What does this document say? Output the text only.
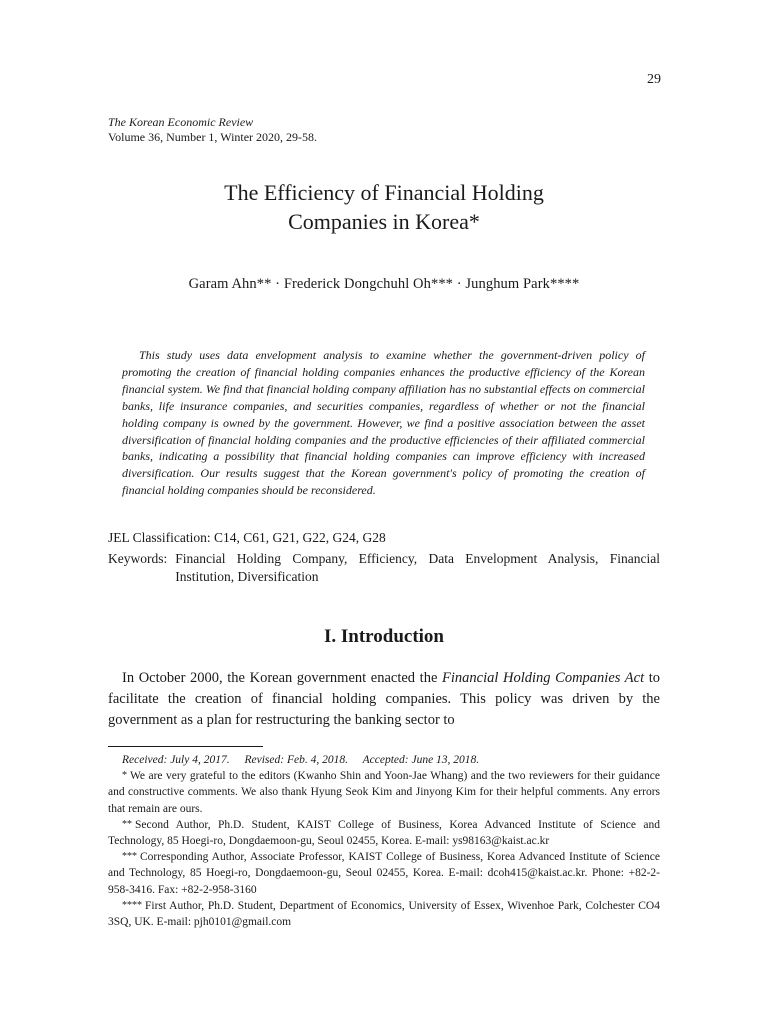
29
The Korean Economic Review
Volume 36, Number 1, Winter 2020, 29-58.
The Efficiency of Financial Holding
Companies in Korea*
Garam Ahn** · Frederick Dongchuhl Oh*** · Junghum Park****
This study uses data envelopment analysis to examine whether the government-driven policy of promoting the creation of financial holding companies enhances the productive efficiency of the Korean financial system. We find that financial holding company affiliation has no substantial effects on commercial banks, life insurance companies, and securities companies, regardless of whether or not the financial holding company is owned by the government. However, we find a positive association between the asset diversification of financial holding companies and the productive efficiencies of their affiliated commercial banks, indicating a possibility that financial holding companies can improve efficiency with increased diversification. Our results suggest that the Korean government's policy of promoting the creation of financial holding companies should be reconsidered.
JEL Classification: C14, C61, G21, G22, G24, G28
Keywords: Financial Holding Company, Efficiency, Data Envelopment Analysis, Financial Institution, Diversification
I. Introduction
In October 2000, the Korean government enacted the Financial Holding Companies Act to facilitate the creation of financial holding companies. This policy was driven by the government as a plan for restructuring the banking sector to
Received: July 4, 2017. Revised: Feb. 4, 2018. Accepted: June 13, 2018.
* We are very grateful to the editors (Kwanho Shin and Yoon-Jae Whang) and the two reviewers for their guidance and constructive comments. We also thank Hyung Seok Kim and Jinyong Kim for their helpful comments. Any errors that remain are ours.
** Second Author, Ph.D. Student, KAIST College of Business, Korea Advanced Institute of Science and Technology, 85 Hoegi-ro, Dongdaemoon-gu, Seoul 02455, Korea. E-mail: ys98163@kaist.ac.kr
*** Corresponding Author, Associate Professor, KAIST College of Business, Korea Advanced Institute of Science and Technology, 85 Hoegi-ro, Dongdaemoon-gu, Seoul 02455, Korea. E-mail: dcoh415@kaist.ac.kr. Phone: +82-2-958-3416. Fax: +82-2-958-3160
**** First Author, Ph.D. Student, Department of Economics, University of Essex, Wivenhoe Park, Colchester CO4 3SQ, UK. E-mail: pjh0101@gmail.com
